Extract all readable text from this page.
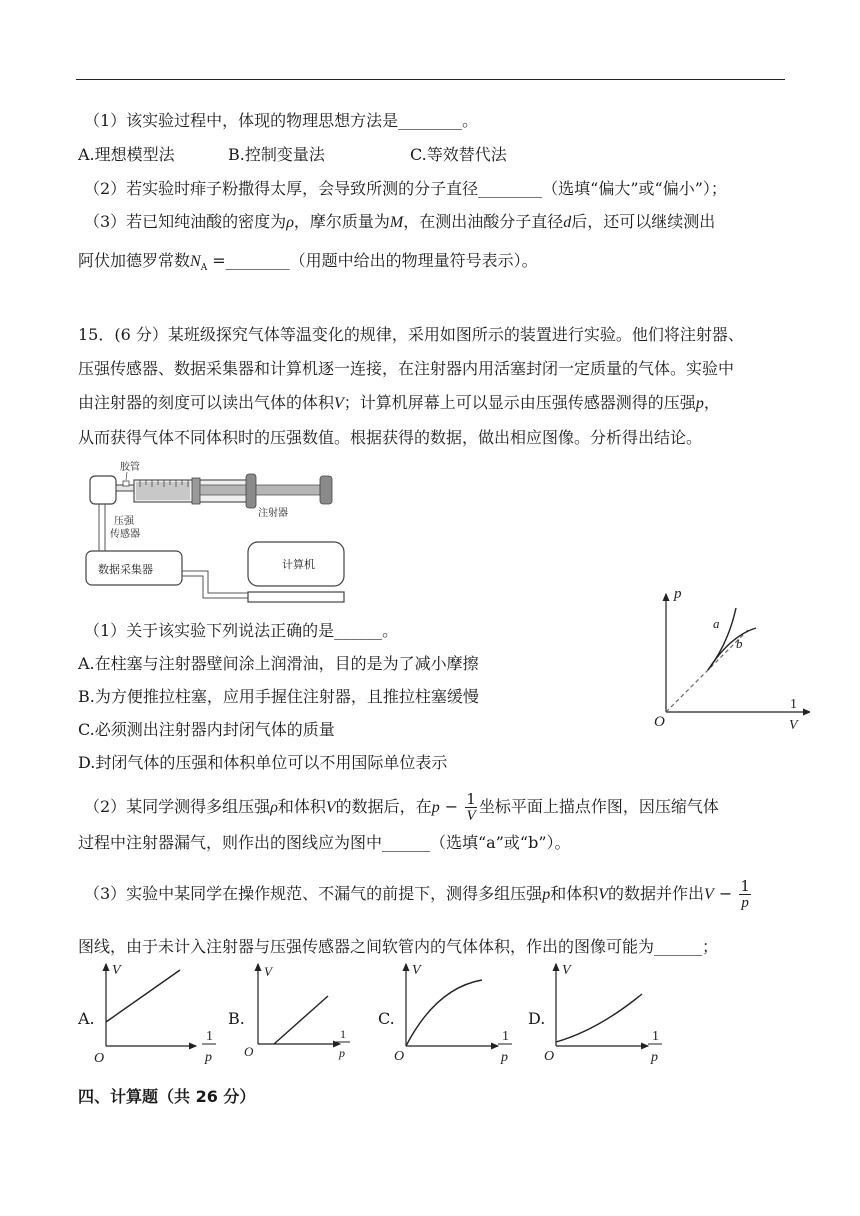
（1）该实验过程中，体现的物理思想方法是________。
A.理想模型法	B.控制变量法	C.等效替代法
（2）若实验时痱子粉撒得太厚，会导致所测的分子直径________（选填“偏大”或“偏小”）；
（3）若已知纯油酸的密度为ρ，摩尔质量为M，在测出油酸分子直径d后，还可以继续测出
阿伏加德罗常数$N_A$ =________（用题中给出的物理量符号表示）。
15．(6 分）某班级探究气体等温变化的规律，采用如图所示的装置进行实验。他们将注射器、
压强传感器、数据采集器和计算机逐一连接，在注射器内用活塞封闭一定质量的气体。实验中
由注射器的刻度可以读出气体的体积V；计算机屏幕上可以显示由压强传感器测得的压强p，
从而获得气体不同体积时的压强数值。根据获得的数据，做出相应图像。分析得出结论。
胶管
注射器
压强
传感器
数据采集器	计算机
p
O
a
b
1
V
（1）关于该实验下列说法正确的是______。
A.在柱塞与注射器壁间涂上润滑油，目的是为了减小摩擦
B.为方便推拉柱塞，应用手握住注射器，且推拉柱塞缓慢
C.必须测出注射器内封闭气体的质量
D.封闭气体的压强和体积单位可以不用国际单位表示
（2）某同学测得多组压强ρ和体积V的数据后，在$p - \frac{1}{V}$ 坐标平面上描点作图，因压缩气体
过程中注射器漏气，则作出的图线应为图中______（选填“a”或“b”）。
（3）实验中某同学在操作规范、不漏气的前提下，测得多组压强p和体积V的数据并作出$V - \frac{1}{p}$
图线，由于未计入注射器与压强传感器之间软管内的气体体积，作出的图像可能为______；
A.
V
O
1
p
B.
V
O
1
p
C.
V
O
1
p
D.
V
O
1
p
四、计算题（共 26 分）
